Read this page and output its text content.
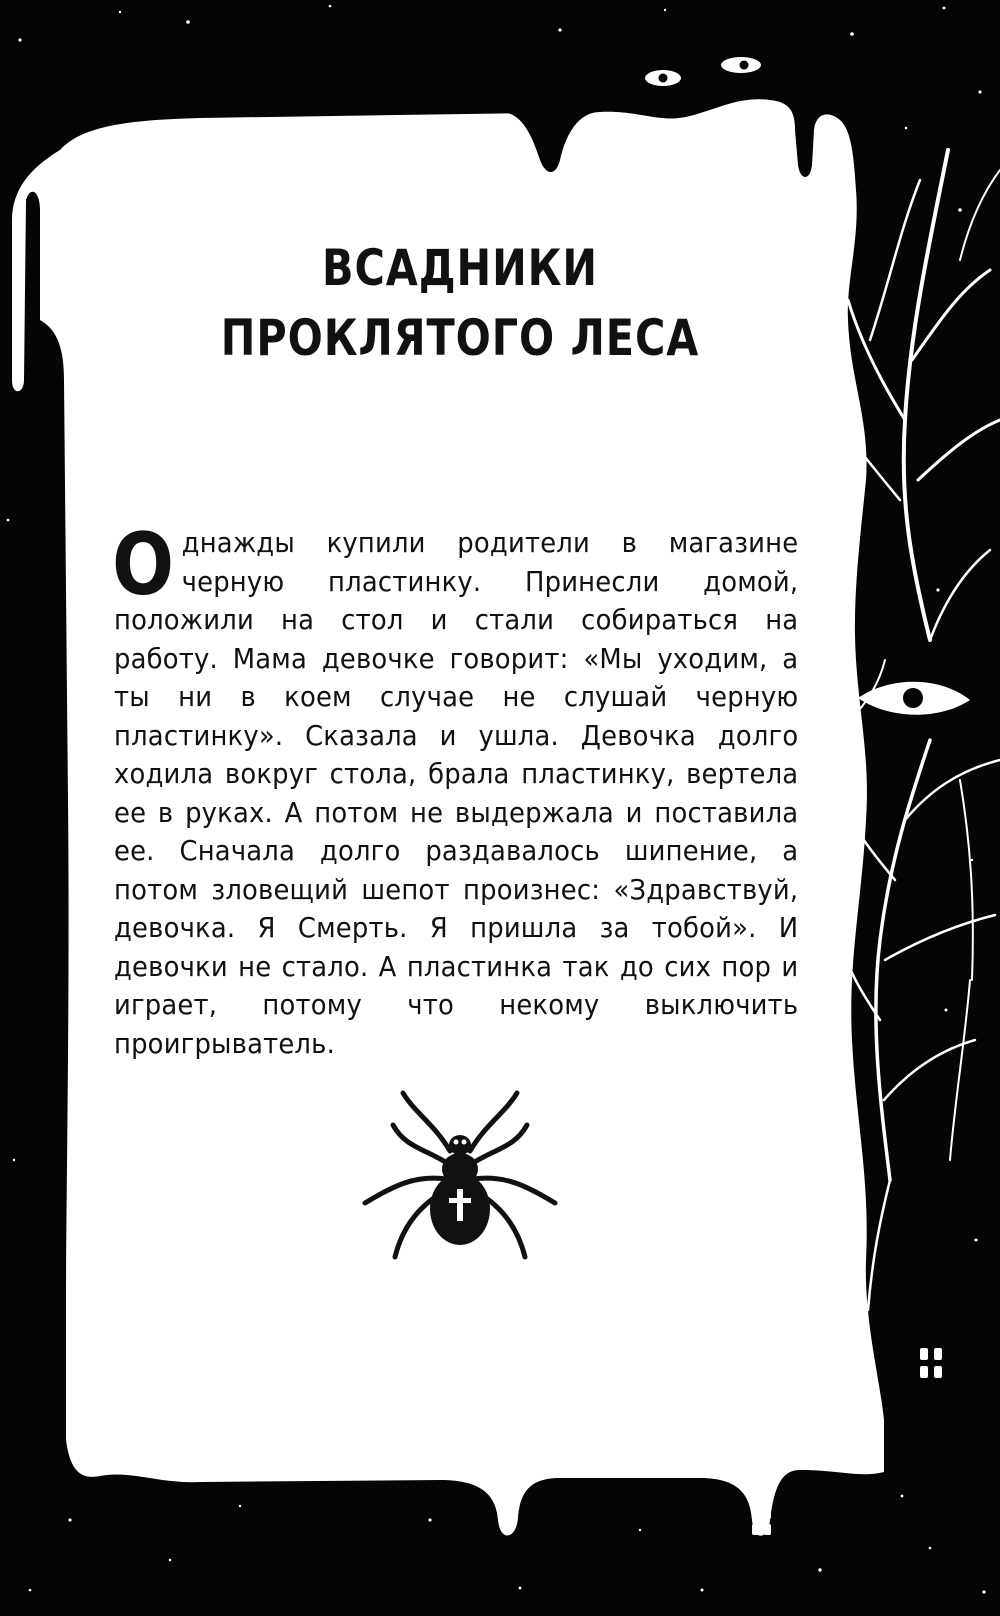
ВСАДНИКИ
ПРОКЛЯТОГО ЛЕСА
Однажды купили родители в магазине черную пластинку. Принесли домой, положили на стол и стали собираться на работу. Мама девочке говорит: «Мы уходим, а ты ни в коем случае не слушай черную пластинку». Сказала и ушла. Девочка долго ходила вокруг стола, брала пластинку, вертела ее в руках. А потом не выдержала и поставила ее. Сначала долго раздавалось шипение, а потом зловещий шепот произнес: «Здравствуй, девочка. Я Смерть. Я пришла за тобой». И девочки не стало. А пластинка так до сих пор и играет, потому что некому выключить проигрыватель.
